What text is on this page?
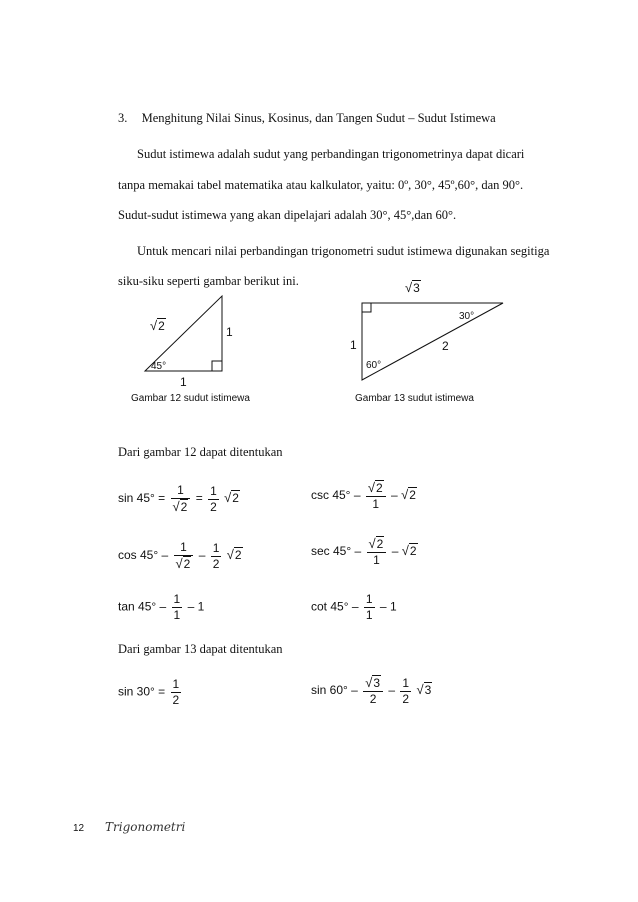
3. Menghitung Nilai Sinus, Kosinus, dan Tangen Sudut – Sudut Istimewa
Sudut istimewa adalah sudut yang perbandingan trigonometrinya dapat dicari
tanpa memakai tabel matematika atau kalkulator, yaitu: 0º, 30°, 45º,60°, dan 90°.
Sudut-sudut istimewa yang akan dipelajari adalah 30°, 45°,dan 60°.
Untuk mencari nilai perbandingan trigonometri sudut istimewa digunakan segitiga
siku-siku seperti gambar berikut ini.
√2	1
45°
1
Gambar 12 sudut istimewa
√3
30°
1	2
60°
Gambar 13 sudut istimewa
Dari gambar 12 dapat ditentukan
$\sin 45^\circ = \frac{1}{√2} = \frac{1}{2} √2$	$\csc 45^\circ - \frac{√2}{1} - √2$
$\cos 45^\circ - \frac{1}{√2} - \frac{1}{2} √2$	$\sec 45^\circ - \frac{√2}{1} - √2$
$\tan 45^\circ - \frac{1}{1} - 1$	$\cot 45^\circ - \frac{1}{1} - 1$
Dari gambar 13 dapat ditentukan
$\sin 30^\circ = \frac{1}{2}$	$\sin 60^\circ - \frac{√3}{2} - \frac{1}{2} √3$
12 Trigonometri
